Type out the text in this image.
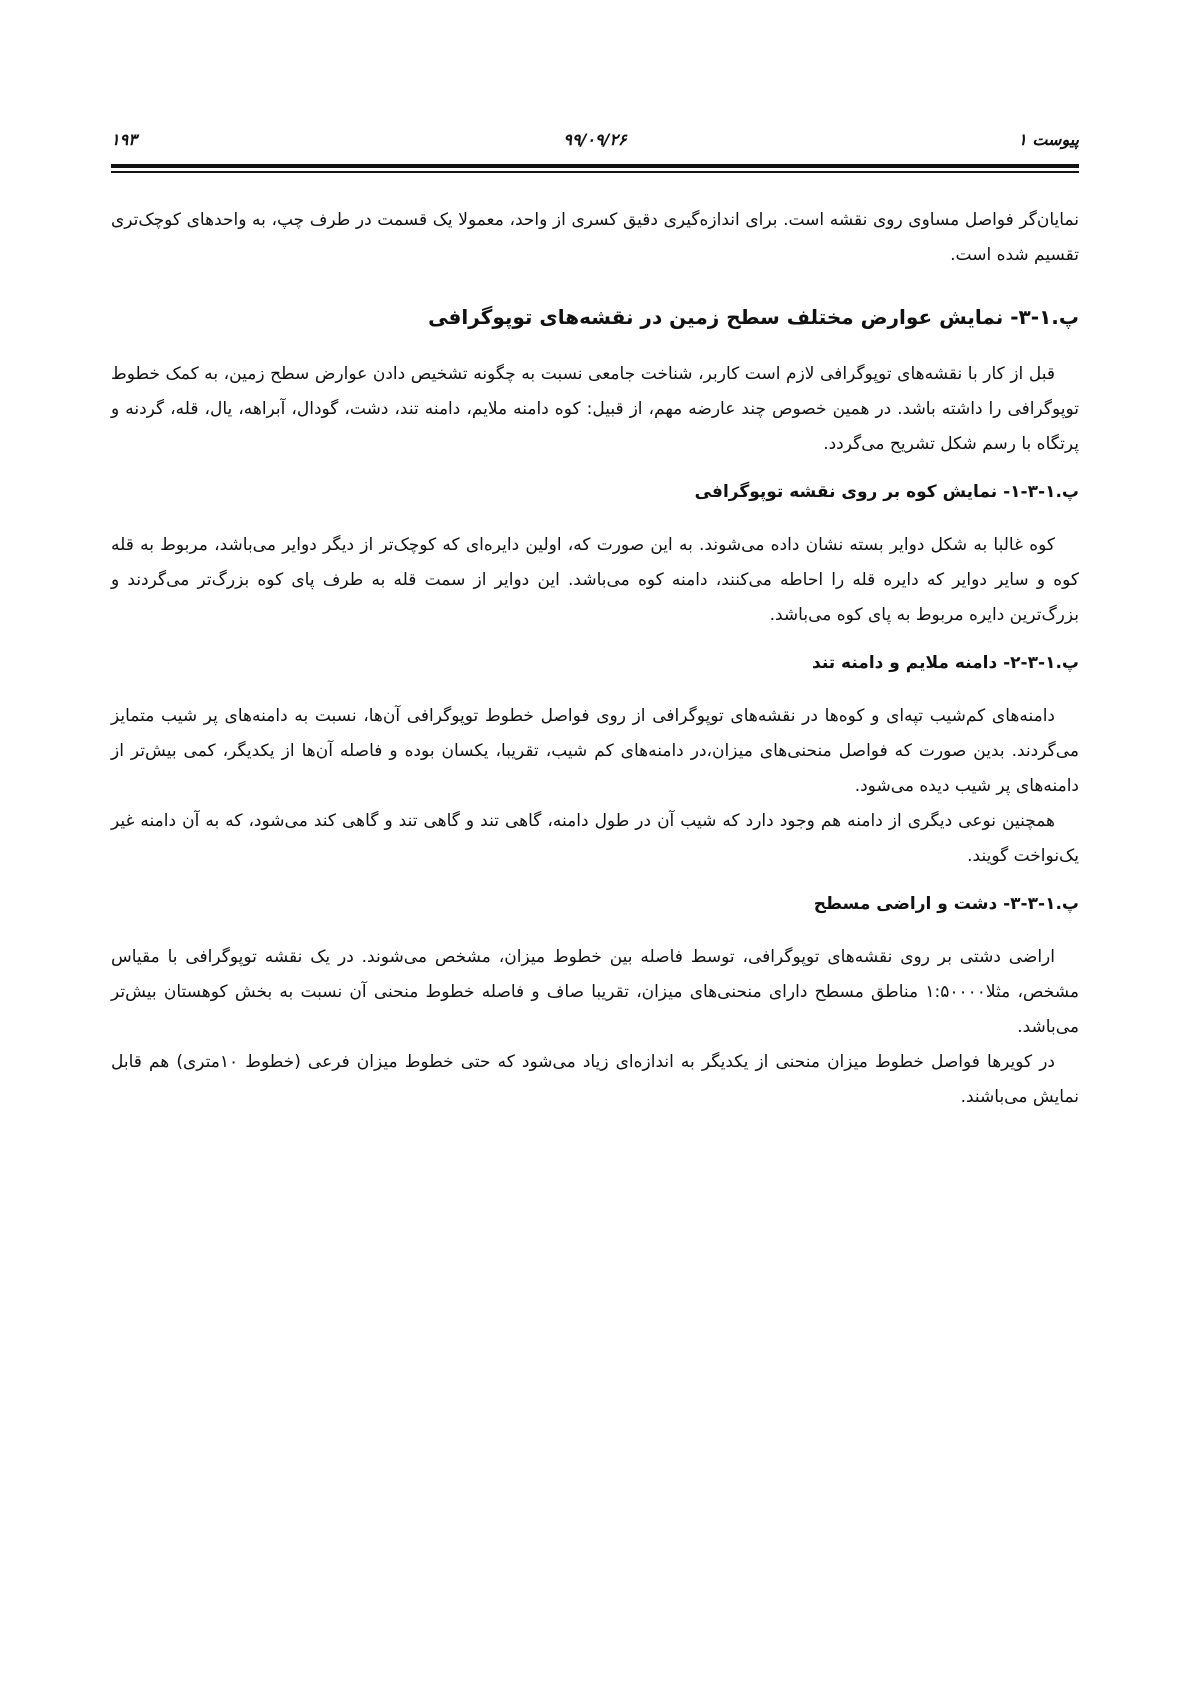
پیوست ۱
۹۹/۰۹/۲۶
۱۹۳

نمایان‌گر فواصل مساوی روی نقشه است. برای اندازه‌گیری دقیق کسری از واحد، معمولا یک قسمت در طرف چپ، به واحدهای کوچک‌تری تقسیم شده است.

پ.۱-۳- نمایش عوارض مختلف سطح زمین در نقشه‌های توپوگرافی

قبل از کار با نقشه‌های توپوگرافی لازم است کاربر، شناخت جامعی نسبت به چگونه تشخیص دادن عوارض سطح زمین، به کمک خطوط توپوگرافی را داشته باشد. در همین خصوص چند عارضه مهم، از قبیل: کوه دامنه ملایم، دامنه تند، دشت، گودال، آبراهه، یال، قله، گردنه و پرتگاه با رسم شکل تشریح می‌گردد.

پ.۱-۳-۱- نمایش کوه بر روی نقشه توپوگرافی

کوه غالبا به شکل دوایر بسته نشان داده می‌شوند. به این صورت که، اولین دایره‌ای که کوچک‌تر از دیگر دوایر می‌باشد، مربوط به قله کوه و سایر دوایر که دایره قله را احاطه می‌کنند، دامنه کوه می‌باشد. این دوایر از سمت قله به طرف پای کوه بزرگ‌تر می‌گردند و بزرگ‌ترین دایره مربوط به پای کوه می‌باشد.

پ.۱-۳-۲- دامنه ملایم و دامنه تند

دامنه‌های کم‌شیب تپه‌ای و کوه‌ها در نقشه‌های توپوگرافی از روی فواصل خطوط توپوگرافی آن‌ها، نسبت به دامنه‌های پر شیب متمایز می‌گردند. بدین صورت که فواصل منحنی‌های میزان،در دامنه‌های کم شیب، تقریبا، یکسان بوده و فاصله آن‌ها از یکدیگر، کمی بیش‌تر از دامنه‌های پر شیب دیده می‌شود.

همچنین نوعی دیگری از دامنه هم وجود دارد که شیب آن در طول دامنه، گاهی تند و گاهی تند و گاهی کند می‌شود، که به آن دامنه غیر یک‌نواخت گویند.

پ.۱-۳-۳- دشت و اراضی مسطح

اراضی دشتی بر روی نقشه‌های توپوگرافی، توسط فاصله بین خطوط میزان، مشخص می‌شوند. در یک نقشه توپوگرافی با مقیاس مشخص، مثلا۱:۵۰۰۰۰ مناطق مسطح دارای منحنی‌های میزان، تقریبا صاف و فاصله خطوط منحنی آن نسبت به بخش کوهستان بیش‌تر می‌باشد.

در کویرها فواصل خطوط میزان منحنی از یکدیگر به اندازه‌ای زیاد می‌شود که حتی خطوط میزان فرعی (خطوط ۱۰متری) هم قابل نمایش می‌باشند.
